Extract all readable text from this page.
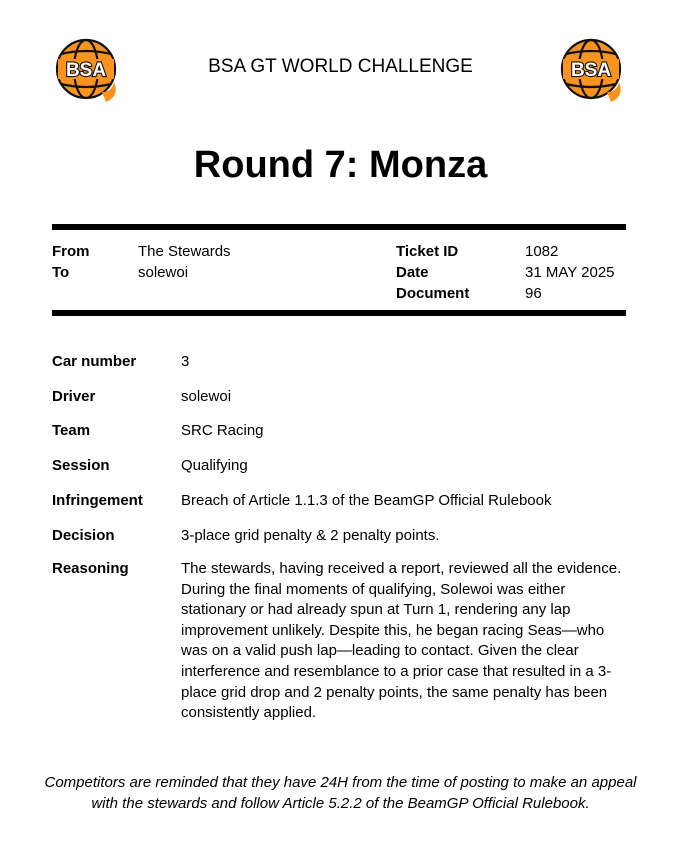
BSA	BSA GT WORLD CHALLENGE	BSA
Round 7: Monza
From	The Stewards
To	solewoi
Ticket ID	1082
Date	31 MAY 2025
Document	96
Car number	3
Driver	solewoi
Team	SRC Racing
Session	Qualifying
Infringement	Breach of Article 1.1.3 of the BeamGP Official Rulebook
Decision	3-place grid penalty & 2 penalty points.
Reasoning	The stewards, having received a report, reviewed all the evidence. During the final moments of qualifying, Solewoi was either stationary or had already spun at Turn 1, rendering any lap improvement unlikely. Despite this, he began racing Seas—who was on a valid push lap—leading to contact. Given the clear interference and resemblance to a prior case that resulted in a 3-place grid drop and 2 penalty points, the same penalty has been consistently applied.
Competitors are reminded that they have 24H from the time of posting to make an appeal with the stewards and follow Article 5.2.2 of the BeamGP Official Rulebook.
